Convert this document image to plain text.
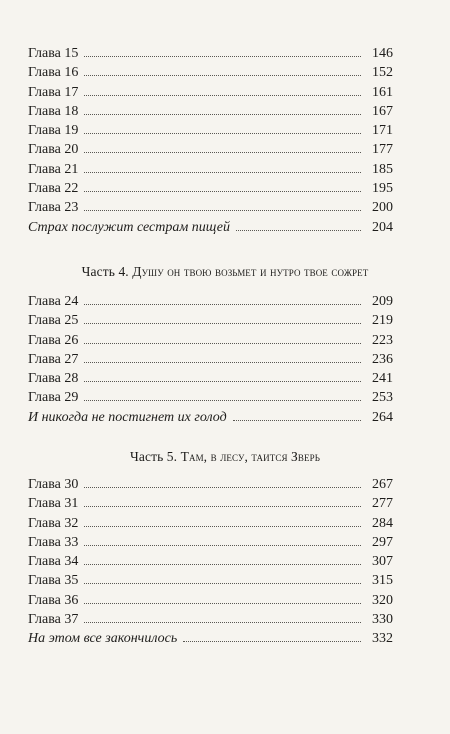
Глава 15	146
Глава 16	152
Глава 17	161
Глава 18	167
Глава 19	171
Глава 20	177
Глава 21	185
Глава 22	195
Глава 23	200
Страх послужит сестрам пищей	204
Часть 4. Душу он твою возьмет и нутро твое сожрет
Глава 24	209
Глава 25	219
Глава 26	223
Глава 27	236
Глава 28	241
Глава 29	253
И никогда не постигнет их голод	264
Часть 5. Там, в лесу, таится Зверь
Глава 30	267
Глава 31	277
Глава 32	284
Глава 33	297
Глава 34	307
Глава 35	315
Глава 36	320
Глава 37	330
На этом все закончилось	332
